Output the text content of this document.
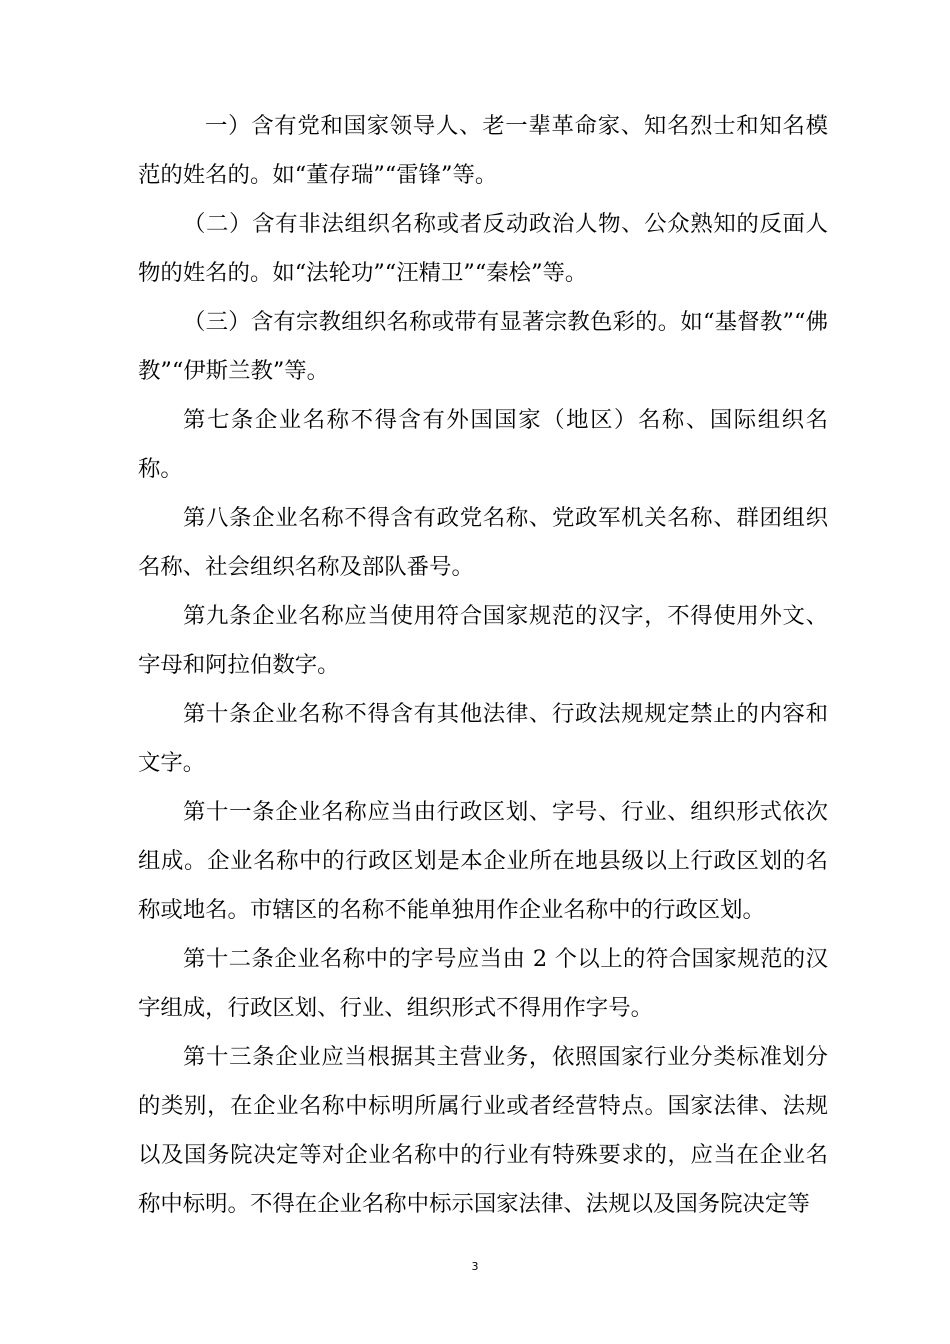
一）含有党和国家领导人、老一辈革命家、知名烈士和知名模范的姓名的。如“董存瑞”“雷锋”等。

（二）含有非法组织名称或者反动政治人物、公众熟知的反面人物的姓名的。如“法轮功”“汪精卫”“秦桧”等。

（三）含有宗教组织名称或带有显著宗教色彩的。如“基督教”“佛教”“伊斯兰教”等。

第七条企业名称不得含有外国国家（地区）名称、国际组织名称。

第八条企业名称不得含有政党名称、党政军机关名称、群团组织名称、社会组织名称及部队番号。

第九条企业名称应当使用符合国家规范的汉字，不得使用外文、字母和阿拉伯数字。

第十条企业名称不得含有其他法律、行政法规规定禁止的内容和文字。

第十一条企业名称应当由行政区划、字号、行业、组织形式依次组成。企业名称中的行政区划是本企业所在地县级以上行政区划的名称或地名。市辖区的名称不能单独用作企业名称中的行政区划。

第十二条企业名称中的字号应当由 2 个以上的符合国家规范的汉字组成，行政区划、行业、组织形式不得用作字号。

第十三条企业应当根据其主营业务，依照国家行业分类标准划分的类别，在企业名称中标明所属行业或者经营特点。国家法律、法规以及国务院决定等对企业名称中的行业有特殊要求的，应当在企业名称中标明。不得在企业名称中标示国家法律、法规以及国务院决定等

3
